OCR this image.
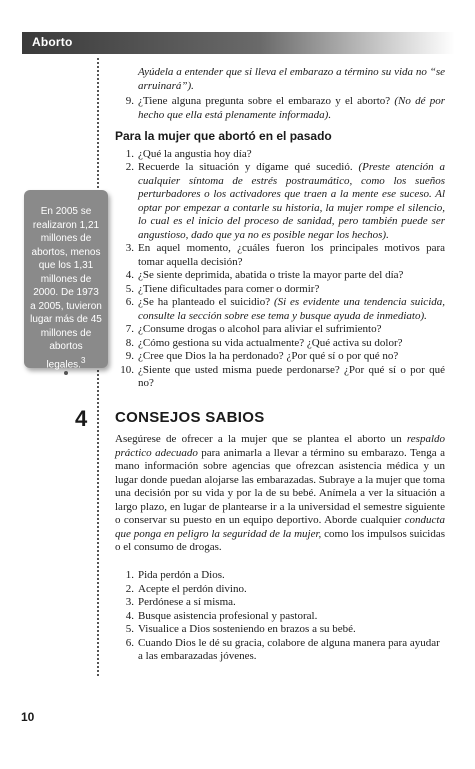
Aborto
Ayúdela a entender que si lleva el embarazo a término su vida no “se arruinará”).
9. ¿Tiene alguna pregunta sobre el embarazo y el aborto? (No dé por hecho que ella está plenamente informada).
Para la mujer que abortó en el pasado
1. ¿Qué la angustia hoy día?
2. Recuerde la situación y dígame qué sucedió. (Preste atención a cualquier síntoma de estrés postraumático, como los sueños perturbadores o los activadores que traen a la mente ese suceso. Al optar por empezar a contarle su historia, la mujer rompe el silencio, lo cual es el inicio del proceso de sanidad, pero también puede ser angustioso, dado que ya no es posible negar los hechos).
3. En aquel momento, ¿cuáles fueron los principales motivos para tomar aquella decisión?
4. ¿Se siente deprimida, abatida o triste la mayor parte del día?
5. ¿Tiene dificultades para comer o dormir?
6. ¿Se ha planteado el suicidio? (Si es evidente una tendencia suicida, consulte la sección sobre ese tema y busque ayuda de inmediato).
7. ¿Consume drogas o alcohol para aliviar el sufrimiento?
8. ¿Cómo gestiona su vida actualmente? ¿Qué activa su dolor?
9. ¿Cree que Dios la ha perdonado? ¿Por qué sí o por qué no?
10. ¿Siente que usted misma puede perdonarse? ¿Por qué sí o por qué no?
En 2005 se realizaron 1,21 millones de abortos, menos que los 1,31 millones de 2000. De 1973 a 2005, tuvieron lugar más de 45 millones de abortos legales.$^3$
4 CONSEJOS SABIOS
Asegúrese de ofrecer a la mujer que se plantea el aborto un respaldo práctico adecuado para animarla a llevar a término su embarazo. Tenga a mano información sobre agencias que ofrezcan asistencia médica y un lugar donde puedan alojarse las embarazadas. Subraye a la mujer que toma una decisión por su vida y por la de su bebé. Anímela a ver la situación a largo plazo, en lugar de plantearse ir a la universidad el semestre siguiente o conservar su puesto en un equipo deportivo. Aborde cualquier conducta que ponga en peligro la seguridad de la mujer, como los impulsos suicidas o el consumo de drogas.
1. Pida perdón a Dios.
2. Acepte el perdón divino.
3. Perdónese a sí misma.
4. Busque asistencia profesional y pastoral.
5. Visualice a Dios sosteniendo en brazos a su bebé.
6. Cuando Dios le dé su gracia, colabore de alguna manera para ayudar a las embarazadas jóvenes.
10
